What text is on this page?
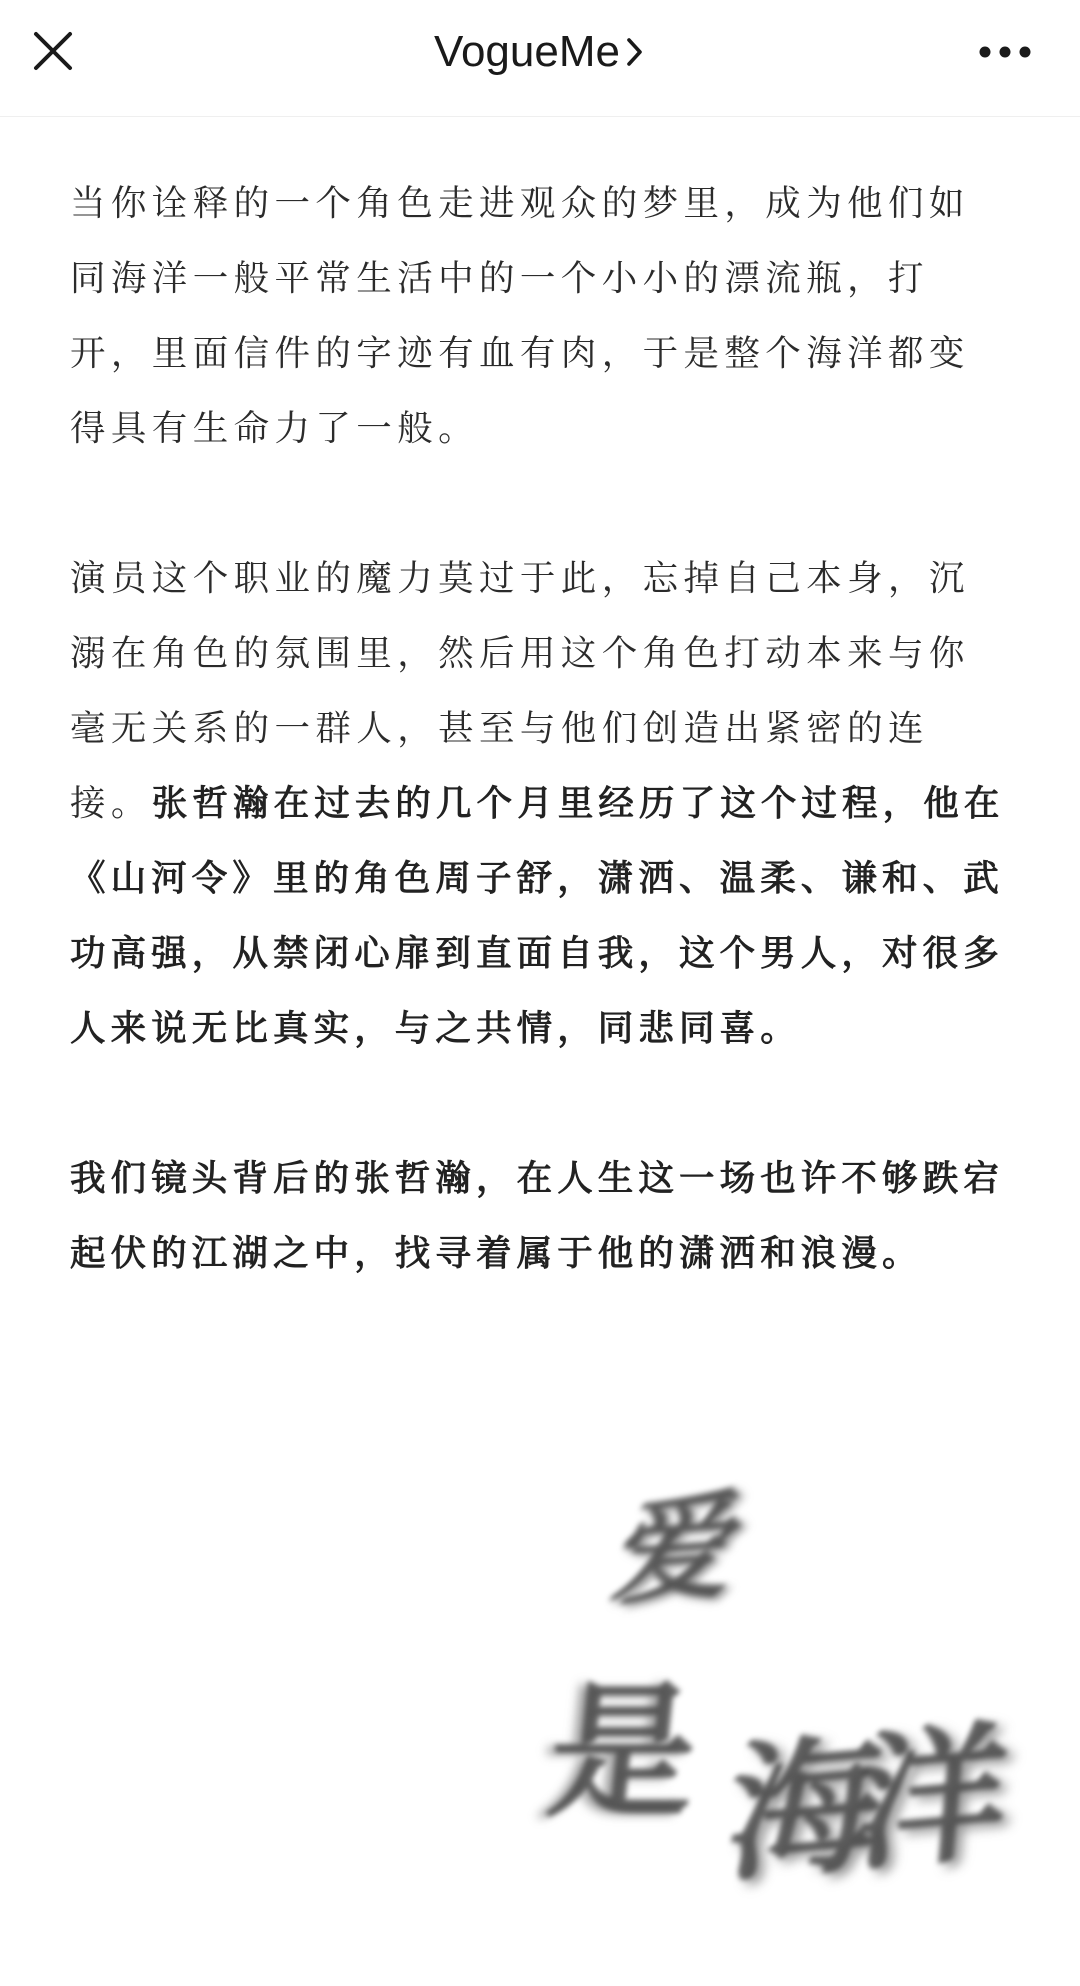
VogueMe

当你诠释的一个角色走进观众的梦里，成为他们如同海洋一般平常生活中的一个小小的漂流瓶，打开，里面信件的字迹有血有肉，于是整个海洋都变得具有生命力了一般。

演员这个职业的魔力莫过于此，忘掉自己本身，沉溺在角色的氛围里，然后用这个角色打动本来与你毫无关系的一群人，甚至与他们创造出紧密的连接。张哲瀚在过去的几个月里经历了这个过程，他在《山河令》里的角色周子舒，潇洒、温柔、谦和、武功高强，从禁闭心扉到直面自我，这个男人，对很多人来说无比真实，与之共情，同悲同喜。

我们镜头背后的张哲瀚，在人生这一场也许不够跌宕起伏的江湖之中，找寻着属于他的潇洒和浪漫。

爱
是 海洋
